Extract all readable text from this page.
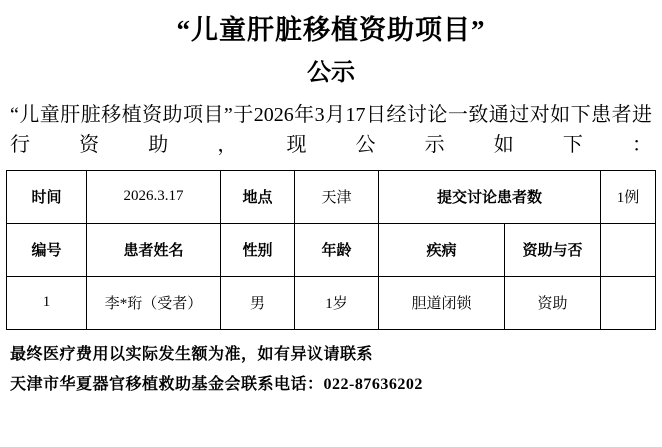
“儿童肝脏移植资助项目”
公示
“儿童肝脏移植资助项目”于2026年3月17日经讨论一致通过对如下患者进行资助，现公示如下：
时间	2026.3.17	地点	天津	提交讨论患者数		1例
编号	患者姓名	性别	年龄	疾病	资助与否	
1	李*珩（受者）	男	1岁	胆道闭锁	资助	
最终医疗费用以实际发生额为准，如有异议请联系
天津市华夏器官移植救助基金会联系电话：022-87636202
